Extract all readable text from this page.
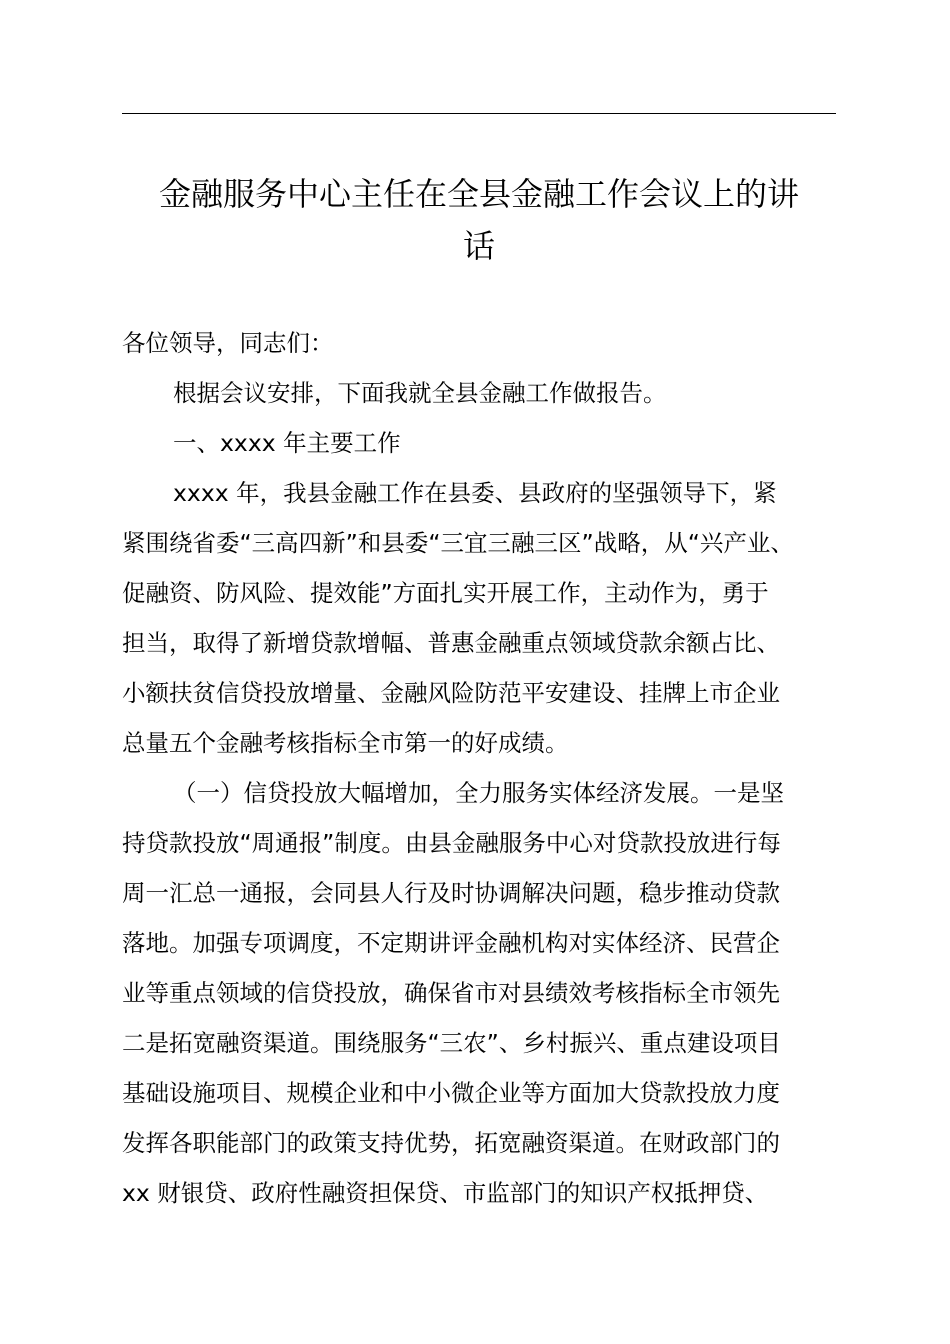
金融服务中心主任在全县金融工作会议上的讲
话
各位领导，同志们：
根据会议安排，下面我就全县金融工作做报告。
一、xxxx 年主要工作
xxxx 年，我县金融工作在县委、县政府的坚强领导下，紧
紧围绕省委“三高四新”和县委“三宜三融三区”战略，从“兴产业、
促融资、防风险、提效能”方面扎实开展工作，主动作为，勇于
担当，取得了新增贷款增幅、普惠金融重点领域贷款余额占比、
小额扶贫信贷投放增量、金融风险防范平安建设、挂牌上市企业
总量五个金融考核指标全市第一的好成绩。
（一）信贷投放大幅增加，全力服务实体经济发展。一是坚
持贷款投放“周通报”制度。由县金融服务中心对贷款投放进行每
周一汇总一通报，会同县人行及时协调解决问题，稳步推动贷款
落地。加强专项调度，不定期讲评金融机构对实体经济、民营企
业等重点领域的信贷投放，确保省市对县绩效考核指标全市领先
二是拓宽融资渠道。围绕服务“三农”、乡村振兴、重点建设项目
基础设施项目、规模企业和中小微企业等方面加大贷款投放力度
发挥各职能部门的政策支持优势，拓宽融资渠道。在财政部门的
xx 财银贷、政府性融资担保贷、市监部门的知识产权抵押贷、
